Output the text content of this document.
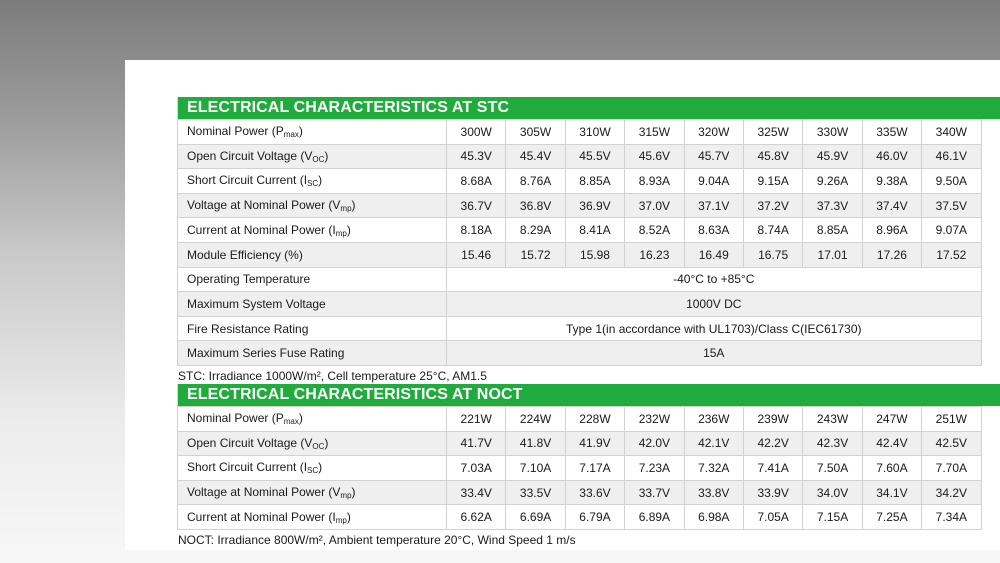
ELECTRICAL CHARACTERISTICS AT STC
Nominal Power $(P_{max})$	300W	305W	310W	315W	320W	325W	330W	335W	340W
Open Circuit Voltage $(V_{OC})$	45.3V	45.4V	45.5V	45.6V	45.7V	45.8V	45.9V	46.0V	46.1V
Short Circuit Current $(I_{SC})$	8.68A	8.76A	8.85A	8.93A	9.04A	9.15A	9.26A	9.38A	9.50A
Voltage at Nominal Power $(V_{mp})$	36.7V	36.8V	36.9V	37.0V	37.1V	37.2V	37.3V	37.4V	37.5V
Current at Nominal Power $(I_{mp})$	8.18A	8.29A	8.41A	8.52A	8.63A	8.74A	8.85A	8.96A	9.07A
Module Efficiency (%)	15.46	15.72	15.98	16.23	16.49	16.75	17.01	17.26	17.52
Operating Temperature	-40°C to +85°C								
Maximum System Voltage	1000V DC								
Fire Resistance Rating	Type 1(in accordance with UL1703)/Class C(IEC61730)								
Maximum Series Fuse Rating	15A								
STC: Irradiance 1000W/m², Cell temperature 25°C, AM1.5
ELECTRICAL CHARACTERISTICS AT NOCT
Nominal Power $(P_{max})$	221W	224W	228W	232W	236W	239W	243W	247W	251W
Open Circuit Voltage $(V_{OC})$	41.7V	41.8V	41.9V	42.0V	42.1V	42.2V	42.3V	42.4V	42.5V
Short Circuit Current $(I_{SC})$	7.03A	7.10A	7.17A	7.23A	7.32A	7.41A	7.50A	7.60A	7.70A
Voltage at Nominal Power $(V_{mp})$	33.4V	33.5V	33.6V	33.7V	33.8V	33.9V	34.0V	34.1V	34.2V
Current at Nominal Power $(I_{mp})$	6.62A	6.69A	6.79A	6.89A	6.98A	7.05A	7.15A	7.25A	7.34A
NOCT: Irradiance 800W/m², Ambient temperature 20°C, Wind Speed 1 m/s
